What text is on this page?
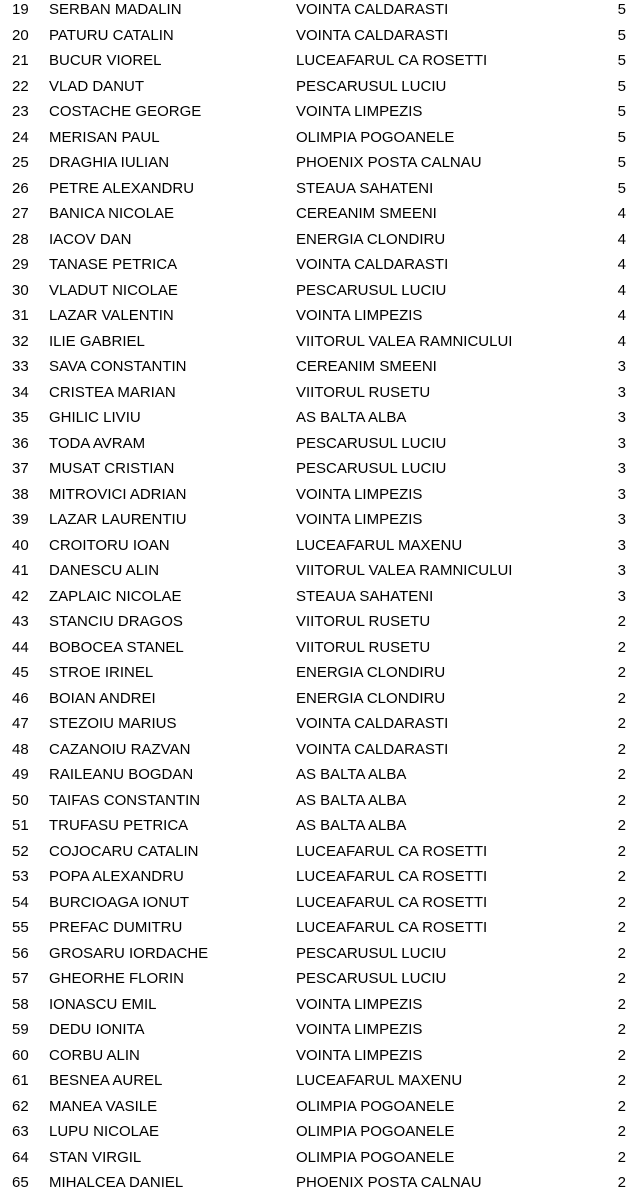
19 SERBAN MADALIN	VOINTA CALDARASTI	5
20 PATURU CATALIN	VOINTA CALDARASTI	5
21 BUCUR VIOREL	LUCEAFARUL CA ROSETTI	5
22 VLAD DANUT	PESCARUSUL LUCIU	5
23 COSTACHE GEORGE	VOINTA LIMPEZIS	5
24 MERISAN PAUL	OLIMPIA POGOANELE	5
25 DRAGHIA IULIAN	PHOENIX POSTA CALNAU	5
26 PETRE ALEXANDRU	STEAUA SAHATENI	5
27 BANICA NICOLAE	CEREANIM SMEENI	4
28 IACOV DAN	ENERGIA CLONDIRU	4
29 TANASE PETRICA	VOINTA CALDARASTI	4
30 VLADUT NICOLAE	PESCARUSUL LUCIU	4
31 LAZAR VALENTIN	VOINTA LIMPEZIS	4
32 ILIE GABRIEL	VIITORUL VALEA RAMNICULUI	4
33 SAVA CONSTANTIN	CEREANIM SMEENI	3
34 CRISTEA MARIAN	VIITORUL RUSETU	3
35 GHILIC LIVIU	AS BALTA ALBA	3
36 TODA AVRAM	PESCARUSUL LUCIU	3
37 MUSAT CRISTIAN	PESCARUSUL LUCIU	3
38 MITROVICI ADRIAN	VOINTA LIMPEZIS	3
39 LAZAR LAURENTIU	VOINTA LIMPEZIS	3
40 CROITORU IOAN	LUCEAFARUL MAXENU	3
41 DANESCU ALIN	VIITORUL VALEA RAMNICULUI	3
42 ZAPLAIC NICOLAE	STEAUA SAHATENI	3
43 STANCIU DRAGOS	VIITORUL RUSETU	2
44 BOBOCEA STANEL	VIITORUL RUSETU	2
45 STROE IRINEL	ENERGIA CLONDIRU	2
46 BOIAN ANDREI	ENERGIA CLONDIRU	2
47 STEZOIU MARIUS	VOINTA CALDARASTI	2
48 CAZANOIU RAZVAN	VOINTA CALDARASTI	2
49 RAILEANU BOGDAN	AS BALTA ALBA	2
50 TAIFAS CONSTANTIN	AS BALTA ALBA	2
51 TRUFASU PETRICA	AS BALTA ALBA	2
52 COJOCARU CATALIN	LUCEAFARUL CA ROSETTI	2
53 POPA ALEXANDRU	LUCEAFARUL CA ROSETTI	2
54 BURCIOAGA IONUT	LUCEAFARUL CA ROSETTI	2
55 PREFAC DUMITRU	LUCEAFARUL CA ROSETTI	2
56 GROSARU IORDACHE	PESCARUSUL LUCIU	2
57 GHEORHE FLORIN	PESCARUSUL LUCIU	2
58 IONASCU EMIL	VOINTA LIMPEZIS	2
59 DEDU IONITA	VOINTA LIMPEZIS	2
60 CORBU ALIN	VOINTA LIMPEZIS	2
61 BESNEA AUREL	LUCEAFARUL MAXENU	2
62 MANEA VASILE	OLIMPIA POGOANELE	2
63 LUPU NICOLAE	OLIMPIA POGOANELE	2
64 STAN VIRGIL	OLIMPIA POGOANELE	2
65 MIHALCEA DANIEL	PHOENIX POSTA CALNAU	2
